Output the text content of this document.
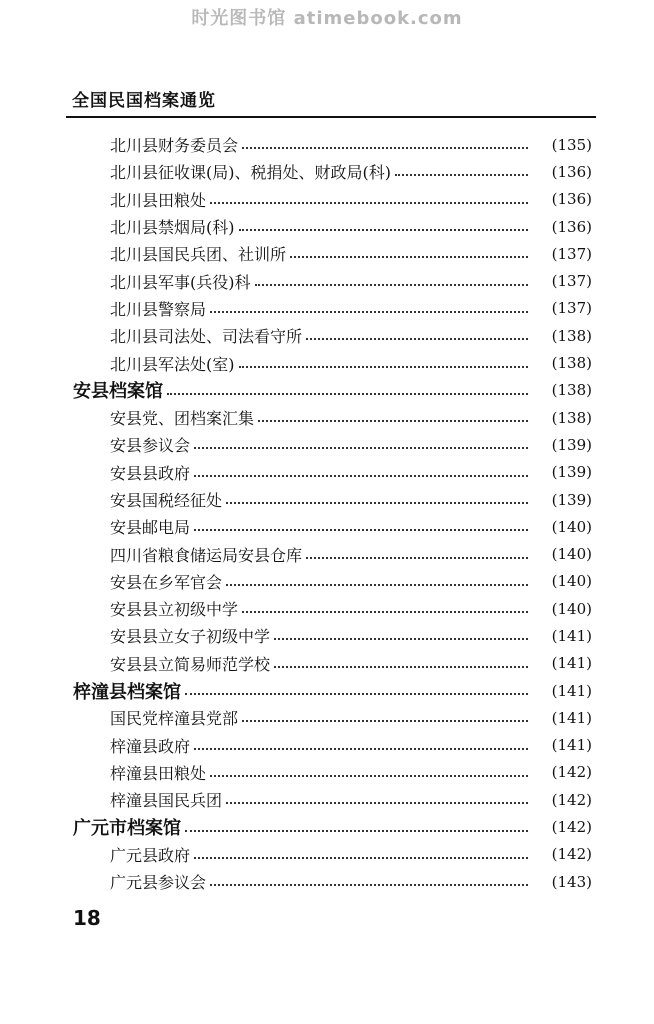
时光图书馆 atimebook.com
全国民国档案通览
北川县财务委员会	(135)
北川县征收课(局)、税捐处、财政局(科)	(136)
北川县田粮处	(136)
北川县禁烟局(科)	(136)
北川县国民兵团、社训所	(137)
北川县军事(兵役)科	(137)
北川县警察局	(137)
北川县司法处、司法看守所	(138)
北川县军法处(室)	(138)
安县档案馆	(138)
安县党、团档案汇集	(138)
安县参议会	(139)
安县县政府	(139)
安县国税经征处	(139)
安县邮电局	(140)
四川省粮食储运局安县仓库	(140)
安县在乡军官会	(140)
安县县立初级中学	(140)
安县县立女子初级中学	(141)
安县县立简易师范学校	(141)
梓潼县档案馆	(141)
国民党梓潼县党部	(141)
梓潼县政府	(141)
梓潼县田粮处	(142)
梓潼县国民兵团	(142)
广元市档案馆	(142)
广元县政府	(142)
广元县参议会	(143)
18
